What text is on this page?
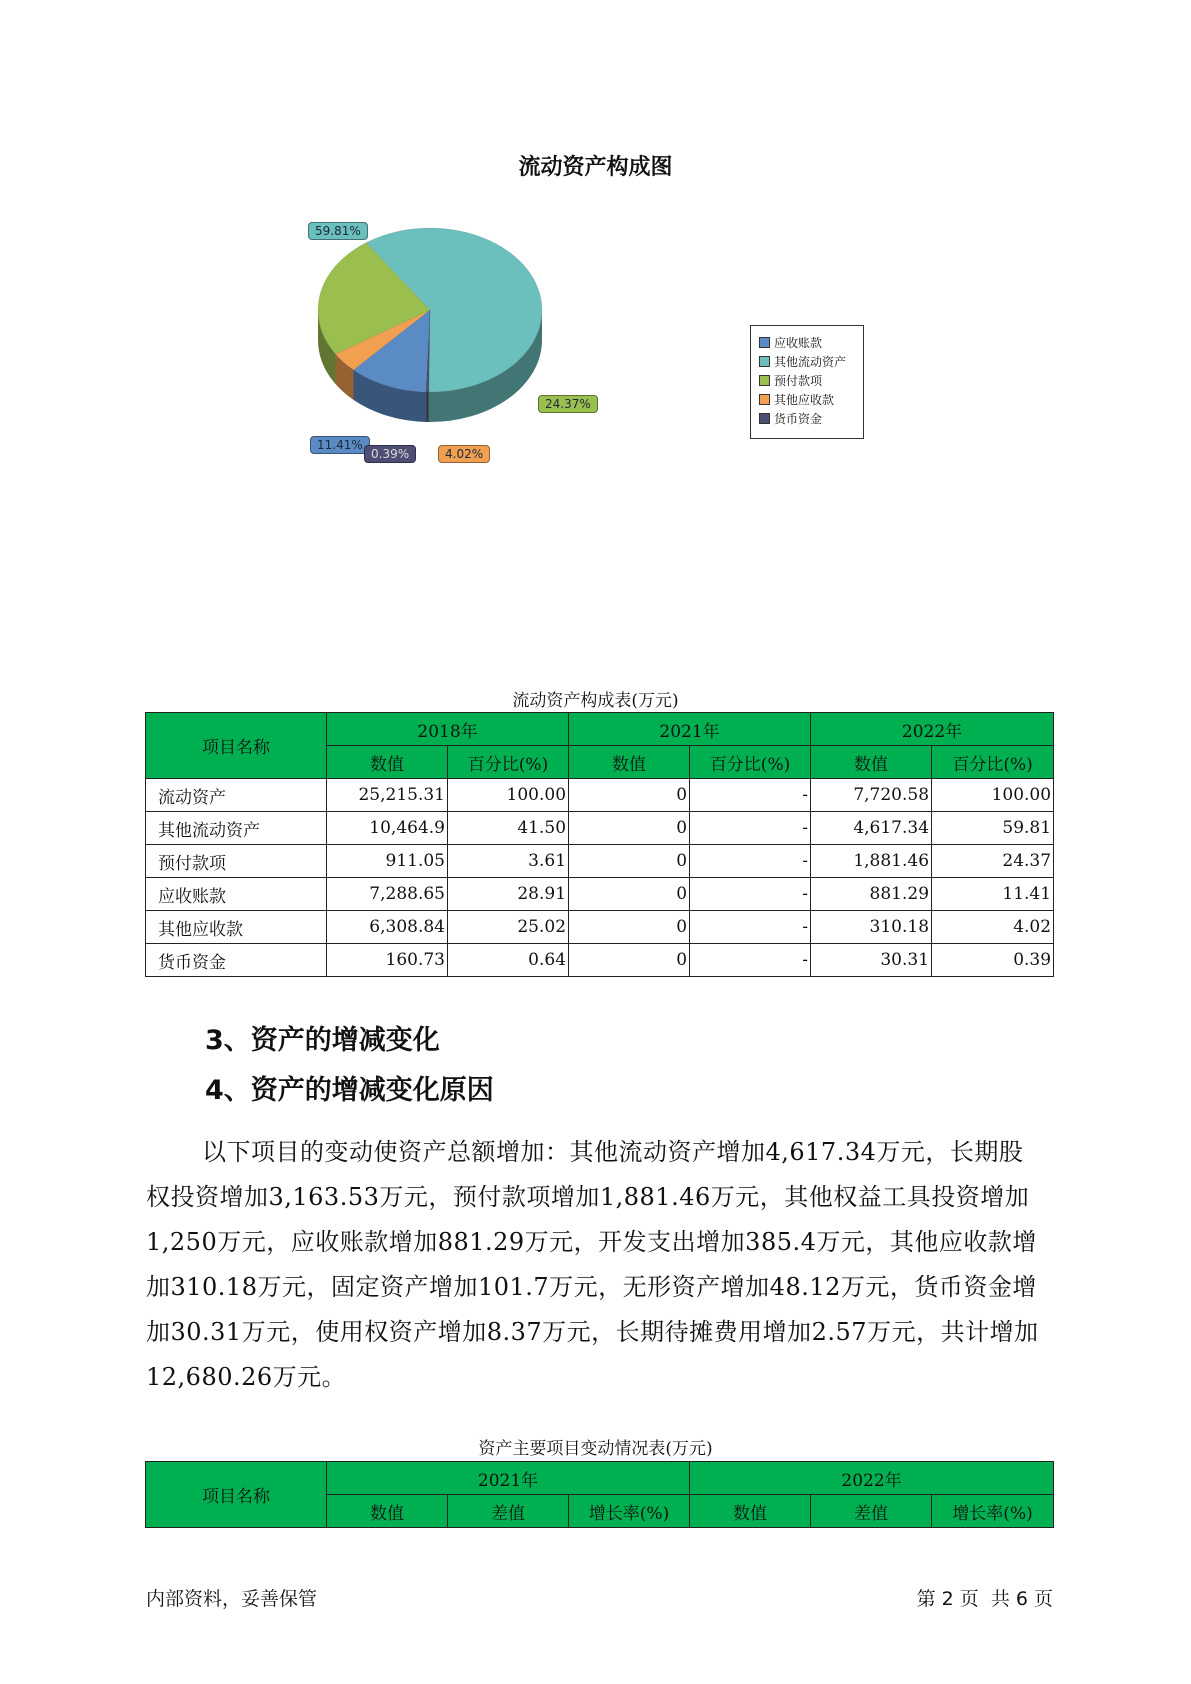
流动资产构成图
59.81%
24.37%
11.41%
0.39%	4.02%
应收账款
其他流动资产
预付款项
其他应收款
货币资金
流动资产构成表(万元)
项目名称	2018年		2021年		2022年	
	数值	百分比(%)	数值	百分比(%)	数值	百分比(%)
流动资产	25,215.31	100.00	0	-	7,720.58	100.00
其他流动资产	10,464.9	41.50	0	-	4,617.34	59.81
预付款项	911.05	3.61	0	-	1,881.46	24.37
应收账款	7,288.65	28.91	0	-	881.29	11.41
其他应收款	6,308.84	25.02	0	-	310.18	4.02
货币资金	160.73	0.64	0	-	30.31	0.39
3、资产的增减变化
4、资产的增减变化原因
以下项目的变动使资产总额增加：其他流动资产增加4,617.34万元，长期股权投资增加3,163.53万元，预付款项增加1,881.46万元，其他权益工具投资增加1,250万元，应收账款增加881.29万元，开发支出增加385.4万元，其他应收款增加310.18万元，固定资产增加101.7万元，无形资产增加48.12万元，货币资金增加30.31万元，使用权资产增加8.37万元，长期待摊费用增加2.57万元，共计增加12,680.26万元。
资产主要项目变动情况表(万元)
项目名称	2021年			2022年		
	数值	差值	增长率(%)	数值	差值	增长率(%)
内部资料，妥善保管	第 2 页  共 6 页
